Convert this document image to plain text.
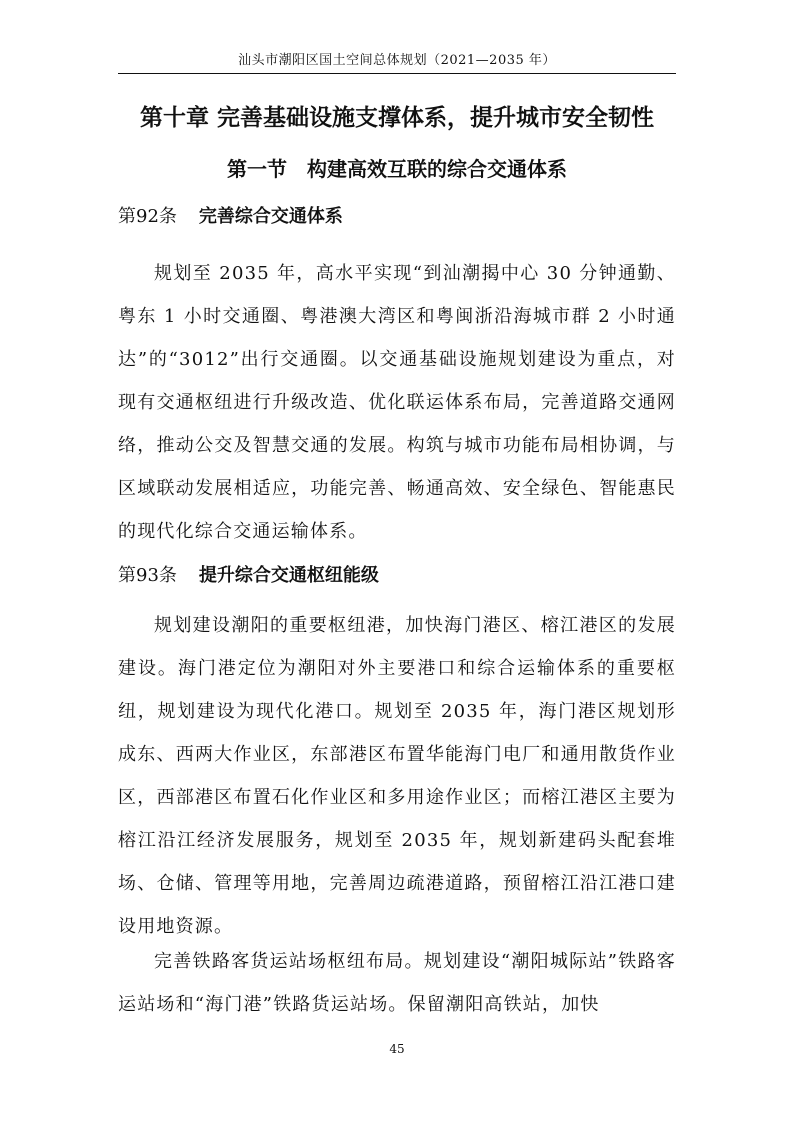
汕头市潮阳区国土空间总体规划（2021—2035 年）
第十章 完善基础设施支撑体系，提升城市安全韧性
第一节　构建高效互联的综合交通体系
第92条 完善综合交通体系

规划至 2035 年，高水平实现“到汕潮揭中心 30 分钟通勤、粤东 1 小时交通圈、粤港澳大湾区和粤闽浙沿海城市群 2 小时通达”的“3012”出行交通圈。以交通基础设施规划建设为重点，对现有交通枢纽进行升级改造、优化联运体系布局，完善道路交通网络，推动公交及智慧交通的发展。构筑与城市功能布局相协调，与区域联动发展相适应，功能完善、畅通高效、安全绿色、智能惠民的现代化综合交通运输体系。

第93条 提升综合交通枢纽能级

规划建设潮阳的重要枢纽港，加快海门港区、榕江港区的发展建设。海门港定位为潮阳对外主要港口和综合运输体系的重要枢纽，规划建设为现代化港口。规划至 2035 年，海门港区规划形成东、西两大作业区，东部港区布置华能海门电厂和通用散货作业区，西部港区布置石化作业区和多用途作业区；而榕江港区主要为榕江沿江经济发展服务，规划至 2035 年，规划新建码头配套堆场、仓储、管理等用地，完善周边疏港道路，预留榕江沿江港口建设用地资源。

完善铁路客货运站场枢纽布局。规划建设“潮阳城际站”铁路客运站场和“海门港”铁路货运站场。保留潮阳高铁站，加快

45
